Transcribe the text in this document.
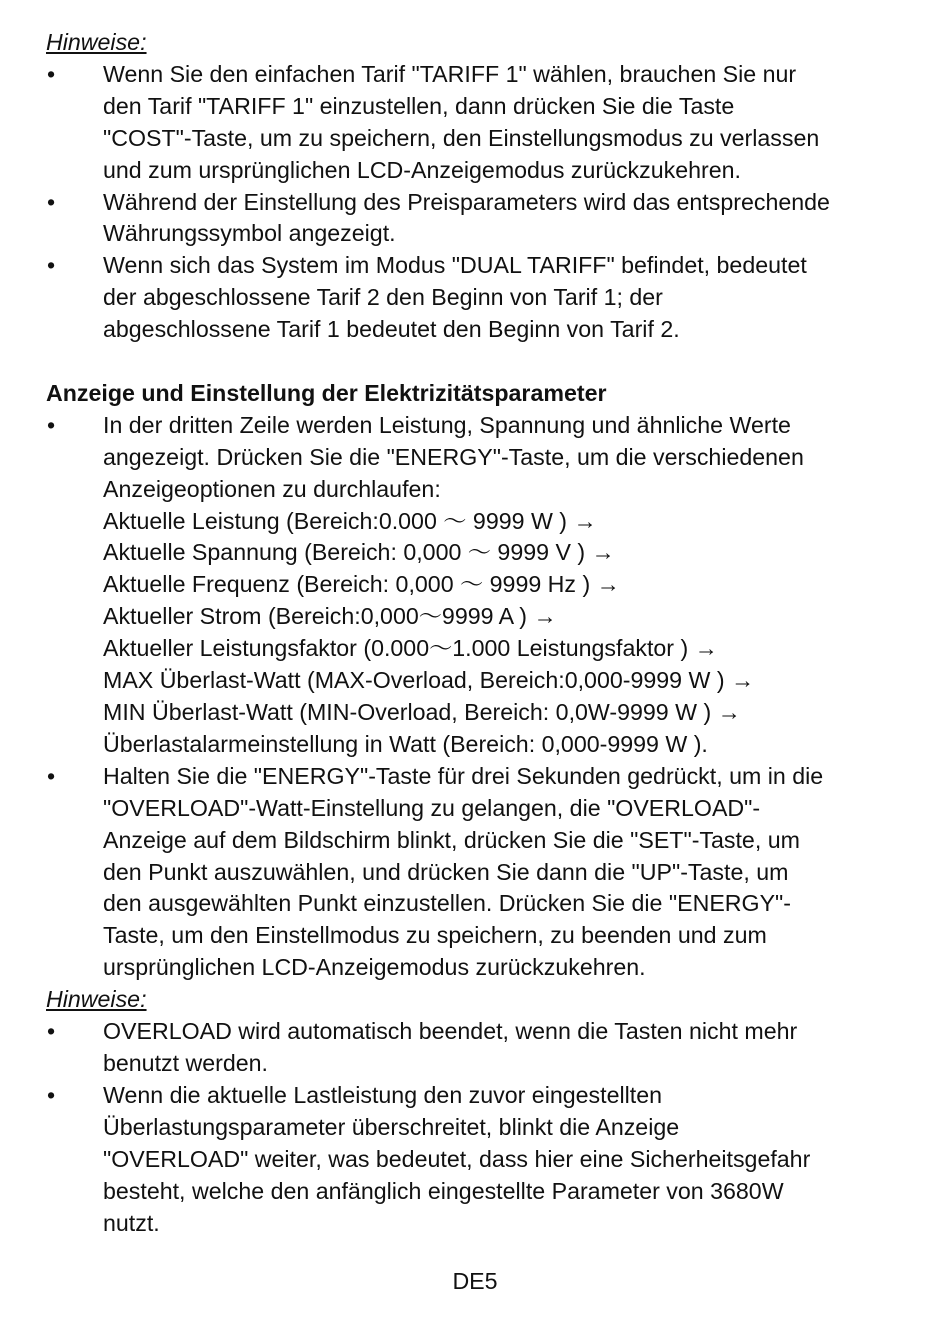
Hinweise:
• Wenn Sie den einfachen Tarif "TARIFF 1" wählen, brauchen Sie nur
den Tarif "TARIFF 1" einzustellen, dann drücken Sie die Taste
"COST"-Taste, um zu speichern, den Einstellungsmodus zu verlassen
und zum ursprünglichen LCD-Anzeigemodus zurückzukehren.
• Während der Einstellung des Preisparameters wird das entsprechende
Währungssymbol angezeigt.
• Wenn sich das System im Modus "DUAL TARIFF" befindet, bedeutet
der abgeschlossene Tarif 2 den Beginn von Tarif 1; der
abgeschlossene Tarif 1 bedeutet den Beginn von Tarif 2.
Anzeige und Einstellung der Elektrizitätsparameter
• In der dritten Zeile werden Leistung, Spannung und ähnliche Werte
angezeigt. Drücken Sie die "ENERGY"-Taste, um die verschiedenen
Anzeigeoptionen zu durchlaufen:
Aktuelle Leistung (Bereich:0.000 ～ 9999 W ) →
Aktuelle Spannung (Bereich: 0,000 ～ 9999 V ) →
Aktuelle Frequenz (Bereich: 0,000 ～ 9999 Hz ) →
Aktueller Strom (Bereich:0,000～9999 A ) →
Aktueller Leistungsfaktor (0.000～1.000 Leistungsfaktor ) →
MAX Überlast-Watt (MAX-Overload, Bereich:0,000-9999 W ) →
MIN Überlast-Watt (MIN-Overload, Bereich: 0,0W-9999 W ) →
Überlastalarmeinstellung in Watt (Bereich: 0,000-9999 W ).
• Halten Sie die "ENERGY"-Taste für drei Sekunden gedrückt, um in die
"OVERLOAD"-Watt-Einstellung zu gelangen, die "OVERLOAD"-
Anzeige auf dem Bildschirm blinkt, drücken Sie die "SET"-Taste, um
den Punkt auszuwählen, und drücken Sie dann die "UP"-Taste, um
den ausgewählten Punkt einzustellen. Drücken Sie die "ENERGY"-
Taste, um den Einstellmodus zu speichern, zu beenden und zum
ursprünglichen LCD-Anzeigemodus zurückzukehren.
Hinweise:
• OVERLOAD wird automatisch beendet, wenn die Tasten nicht mehr
benutzt werden.
• Wenn die aktuelle Lastleistung den zuvor eingestellten
Überlastungsparameter überschreitet, blinkt die Anzeige
"OVERLOAD" weiter, was bedeutet, dass hier eine Sicherheitsgefahr
besteht, welche den anfänglich eingestellte Parameter von 3680W
nutzt.
DE5
